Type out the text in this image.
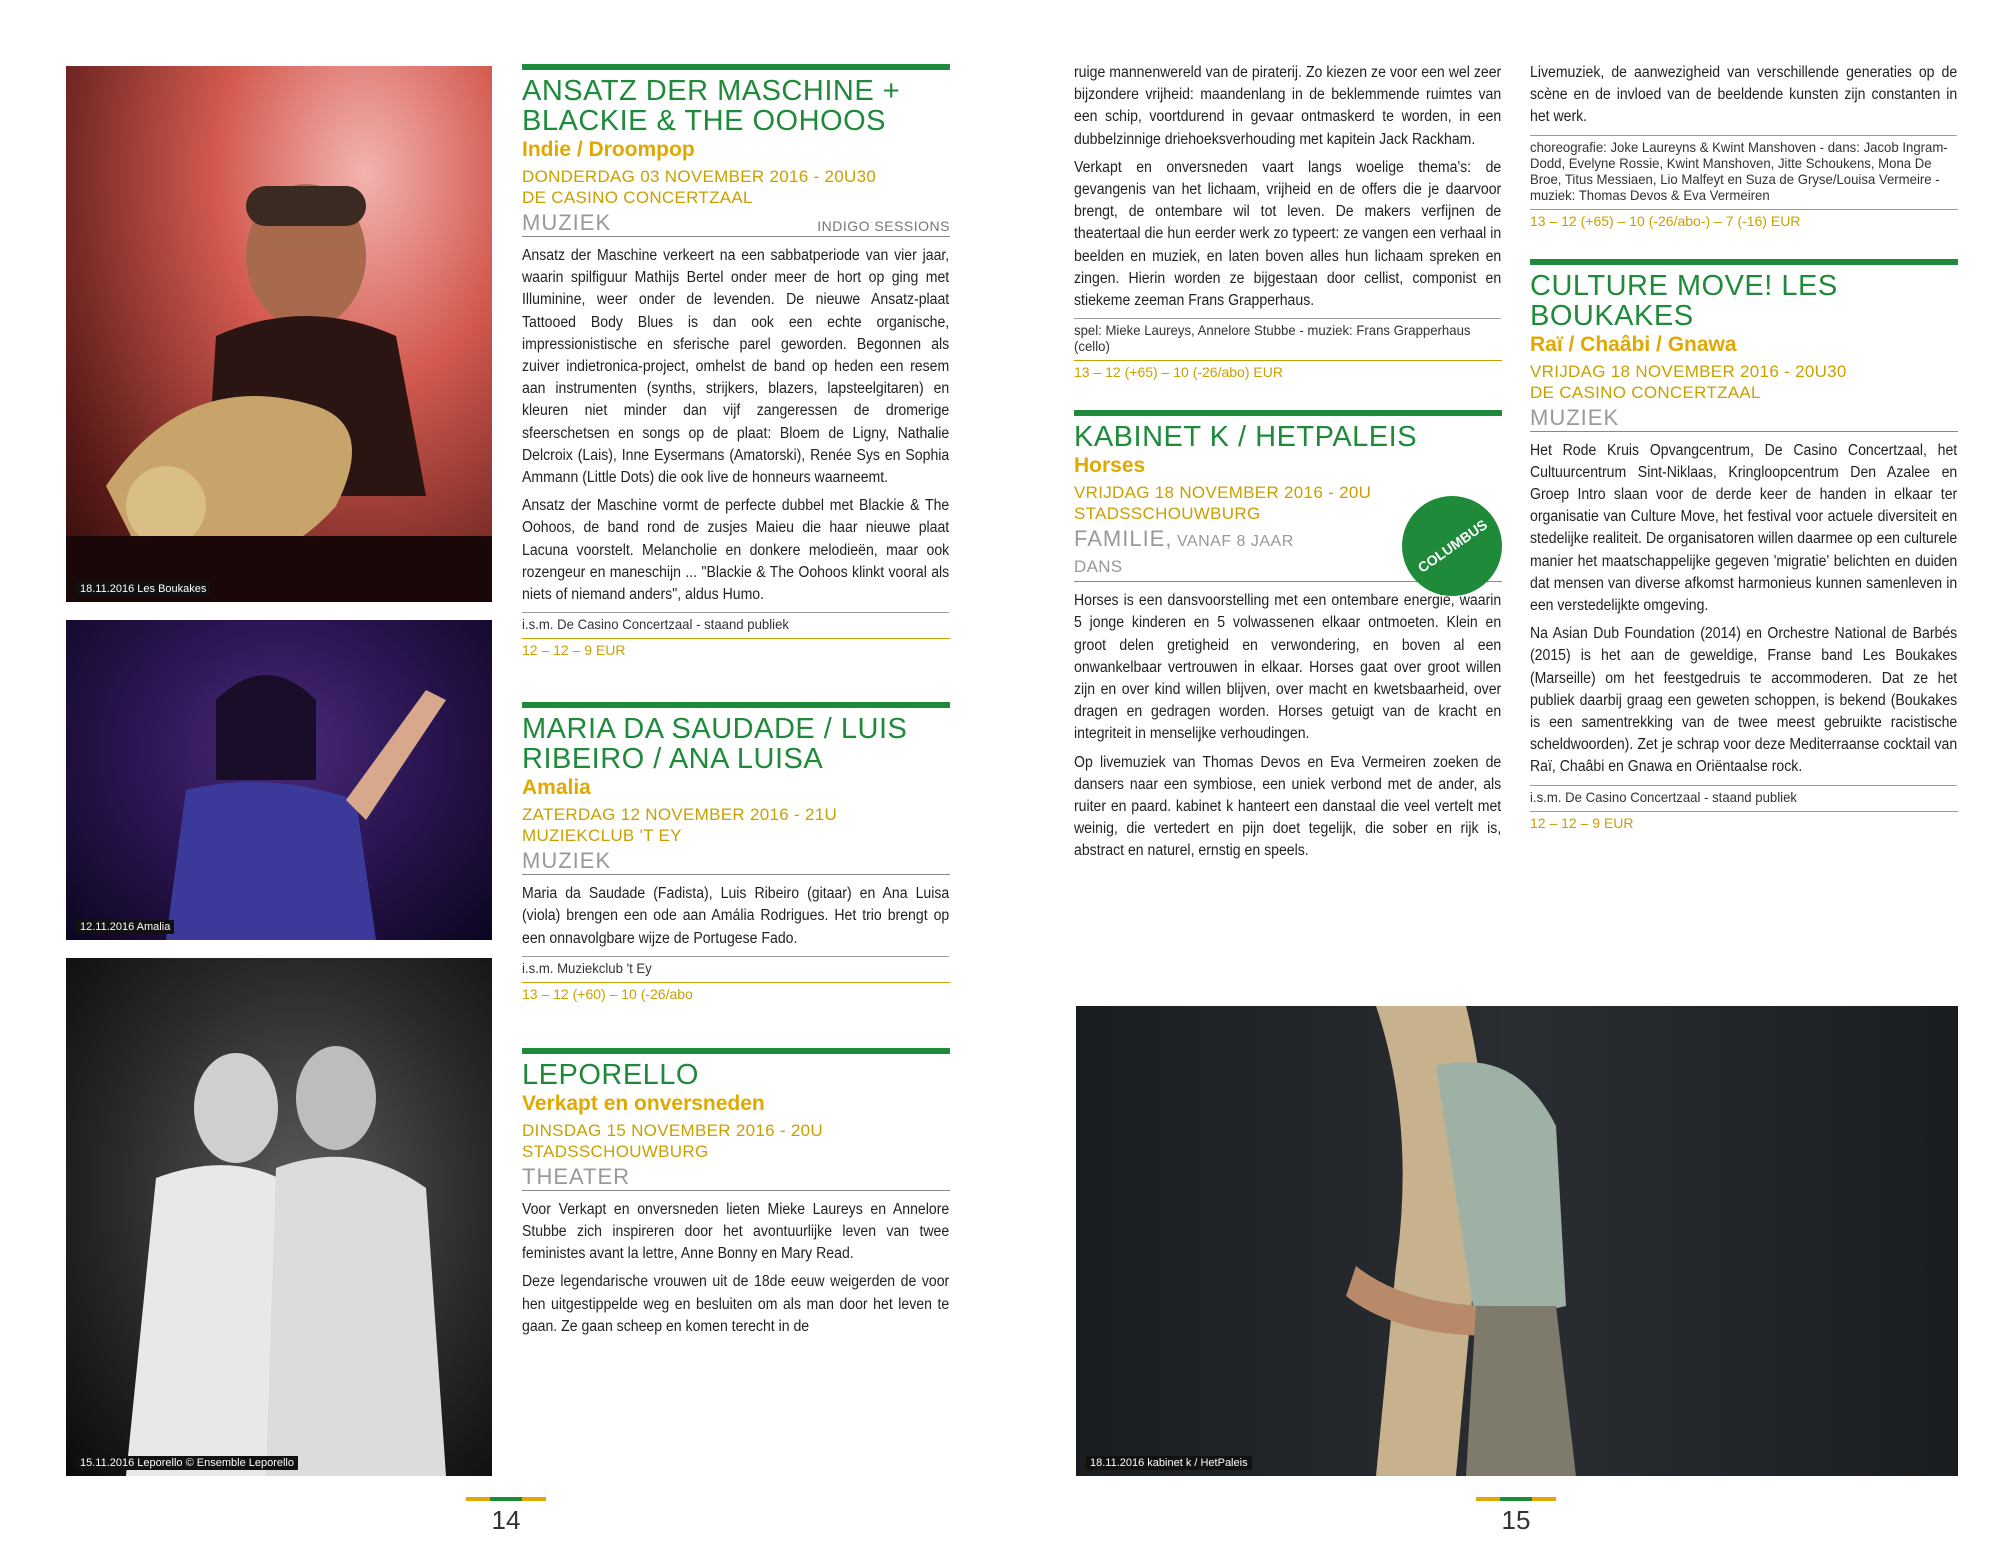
18.11.2016 Les Boukakes
12.11.2016 Amalia
15.11.2016 Leporello © Ensemble Leporello
ANSATZ DER MASCHINE + BLACKIE & THE OOHOOS
Indie / Droompop
DONDERDAG 03 NOVEMBER 2016 - 20U30
DE CASINO CONCERTZAAL
MUZIEK	INDIGO SESSIONS

Ansatz der Maschine verkeert na een sabbatperiode van vier jaar, waarin spilfiguur Mathijs Bertel onder meer de hort op ging met Illuminine, weer onder de levenden. De nieuwe Ansatz-plaat Tattooed Body Blues is dan ook een echte organische, impressionistische en sferische parel geworden. Begonnen als zuiver indietronica-project, omhelst de band op heden een resem aan instrumenten (synths, strijkers, blazers, lapsteelgitaren) en kleuren niet minder dan vijf zangeressen de dromerige sfeerschetsen en songs op de plaat: Bloem de Ligny, Nathalie Delcroix (Lais), Inne Eysermans (Amatorski), Renée Sys en Sophia Ammann (Little Dots) die ook live de honneurs waarneemt.

Ansatz der Maschine vormt de perfecte dubbel met Blackie & The Oohoos, de band rond de zusjes Maieu die haar nieuwe plaat Lacuna voorstelt. Melancholie en donkere melodieën, maar ook rozengeur en maneschijn ... "Blackie & The Oohoos klinkt vooral als niets of niemand anders", aldus Humo.

i.s.m. De Casino Concertzaal - staand publiek
12 – 12 – 9 EUR
MARIA DA SAUDADE / LUIS RIBEIRO / ANA LUISA
Amalia
ZATERDAG 12 NOVEMBER 2016 - 21U
MUZIEKCLUB 'T EY
MUZIEK

Maria da Saudade (Fadista), Luis Ribeiro (gitaar) en Ana Luisa (viola) brengen een ode aan Amália Rodrigues. Het trio brengt op een onnavolgbare wijze de Portugese Fado.

i.s.m. Muziekclub 't Ey
13 – 12 (+60) – 10 (-26/abo
LEPORELLO
Verkapt en onversneden
DINSDAG 15 NOVEMBER 2016 - 20U
STADSSCHOUWBURG
THEATER

Voor Verkapt en onversneden lieten Mieke Laureys en Annelore Stubbe zich inspireren door het avontuurlijke leven van twee feministes avant la lettre, Anne Bonny en Mary Read.

Deze legendarische vrouwen uit de 18de eeuw weigerden de voor hen uitgestippelde weg en besluiten om als man door het leven te gaan. Ze gaan scheep en komen terecht in de

14

ruige mannenwereld van de piraterij. Zo kiezen ze voor een wel zeer bijzondere vrijheid: maandenlang in de beklemmende ruimtes van een schip, voortdurend in gevaar ontmaskerd te worden, in een dubbelzinnige driehoeksverhouding met kapitein Jack Rackham.

Verkapt en onversneden vaart langs woelige thema's: de gevangenis van het lichaam, vrijheid en de offers die je daarvoor brengt, de ontembare wil tot leven. De makers verfijnen de theatertaal die hun eerder werk zo typeert: ze vangen een verhaal in beelden en muziek, en laten boven alles hun lichaam spreken en zingen. Hierin worden ze bijgestaan door cellist, componist en stiekeme zeeman Frans Grapperhaus.

spel: Mieke Laureys, Annelore Stubbe - muziek: Frans Grapperhaus (cello)
13 – 12 (+65) – 10 (-26/abo) EUR
KABINET K / HETPALEIS
Horses
VRIJDAG 18 NOVEMBER 2016 - 20U
STADSSCHOUWBURG
FAMILIE, VANAF 8 JAAR
DANS	COLUMBUS

Horses is een dansvoorstelling met een ontembare energie, waarin 5 jonge kinderen en 5 volwassenen elkaar ontmoeten. Klein en groot delen gretigheid en verwondering, en boven al een onwankelbaar vertrouwen in elkaar. Horses gaat over groot willen zijn en over kind willen blijven, over macht en kwetsbaarheid, over dragen en gedragen worden. Horses getuigt van de kracht en integriteit in menselijke verhoudingen.

Op livemuziek van Thomas Devos en Eva Vermeiren zoeken de dansers naar een symbiose, een uniek verbond met de ander, als ruiter en paard. kabinet k hanteert een danstaal die veel vertelt met weinig, die vertedert en pijn doet tegelijk, die sober en rijk is, abstract en naturel, ernstig en speels.

Livemuziek, de aanwezigheid van verschillende generaties op de scène en de invloed van de beeldende kunsten zijn constanten in het werk.

choreografie: Joke Laureyns & Kwint Manshoven - dans: Jacob Ingram-Dodd, Evelyne Rossie, Kwint Manshoven, Jitte Schoukens, Mona De Broe, Titus Messiaen, Lio Malfeyt en Suza de Gryse/Louisa Vermeire - muziek: Thomas Devos & Eva Vermeiren
13 – 12 (+65) – 10 (-26/abo-) – 7 (-16) EUR
CULTURE MOVE! LES BOUKAKES
Raï / Chaâbi / Gnawa
VRIJDAG 18 NOVEMBER 2016 - 20U30
DE CASINO CONCERTZAAL
MUZIEK

Het Rode Kruis Opvangcentrum, De Casino Concertzaal, het Cultuurcentrum Sint-Niklaas, Kringloopcentrum Den Azalee en Groep Intro slaan voor de derde keer de handen in elkaar ter organisatie van Culture Move, het festival voor actuele diversiteit en stedelijke realiteit. De organisatoren willen daarmee op een culturele manier het maatschappelijke gegeven 'migratie' belichten en duiden dat mensen van diverse afkomst harmonieus kunnen samenleven in een verstedelijkte omgeving.

Na Asian Dub Foundation (2014) en Orchestre National de Barbés (2015) is het aan de geweldige, Franse band Les Boukakes (Marseille) om het feestgedruis te accommoderen. Dat ze het publiek daarbij graag een geweten schoppen, is bekend (Boukakes is een samentrekking van de twee meest gebruikte racistische scheldwoorden). Zet je schrap voor deze Mediterraanse cocktail van Raï, Chaâbi en Gnawa en Oriëntaalse rock.

i.s.m. De Casino Concertzaal - staand publiek
12 – 12 – 9 EUR
18.11.2016 kabinet k / HetPaleis
15
